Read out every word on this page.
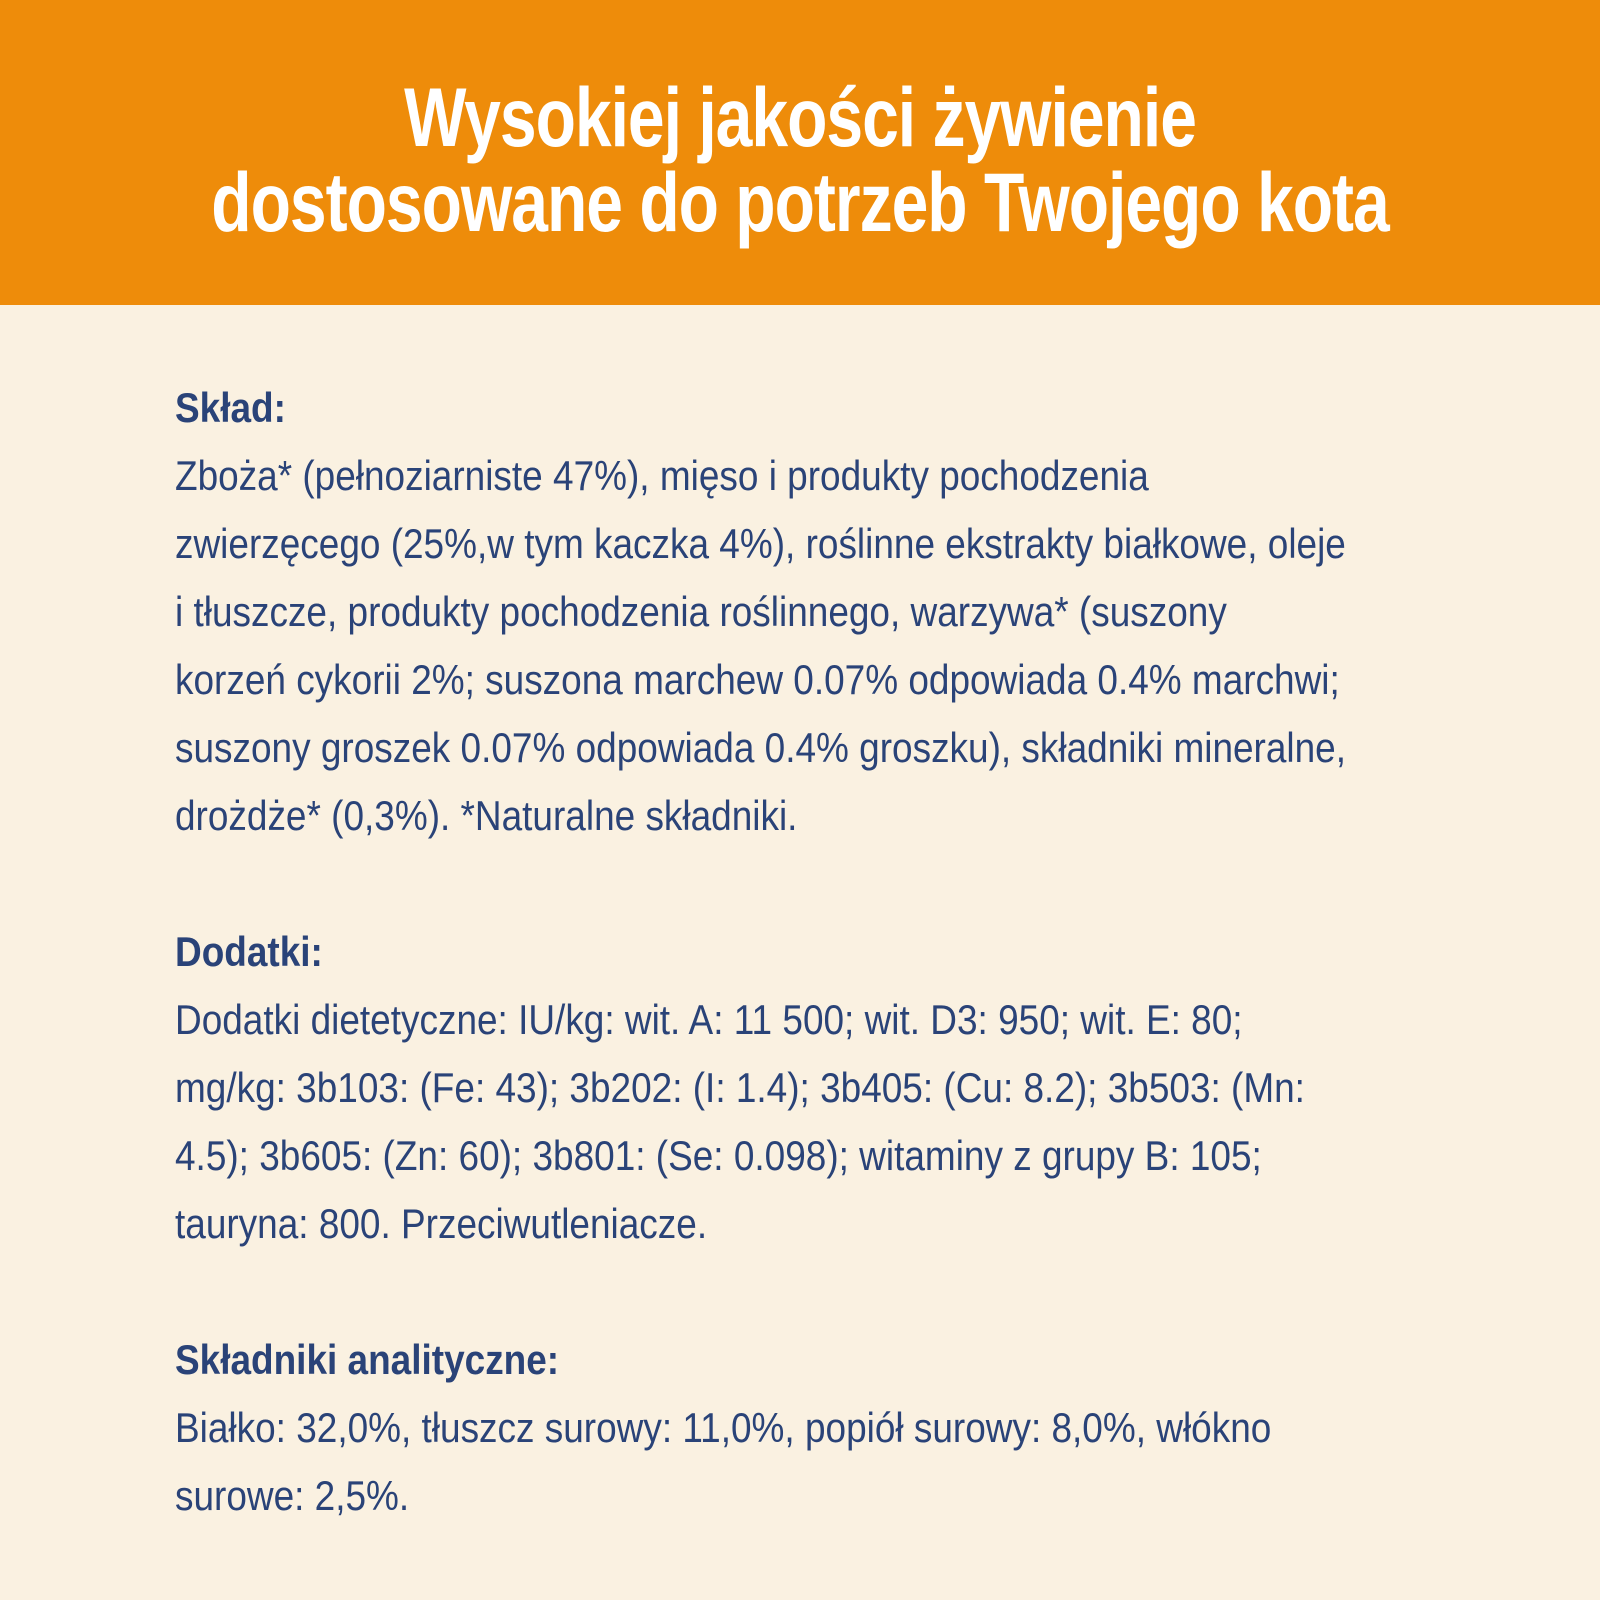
Wysokiej jakości żywienie
dostosowane do potrzeb Twojego kota
Skład:

Zboża* (pełnoziarniste 47%), mięso i produkty pochodzenia

zwierzęcego (25%,w tym kaczka 4%), roślinne ekstrakty białkowe, oleje

i tłuszcze, produkty pochodzenia roślinnego, warzywa* (suszony

korzeń cykorii 2%; suszona marchew 0.07% odpowiada 0.4% marchwi;

suszony groszek 0.07% odpowiada 0.4% groszku), składniki mineralne,

drożdże* (0,3%). *Naturalne składniki.

Dodatki:

Dodatki dietetyczne: IU/kg: wit. A: 11 500; wit. D3: 950; wit. E: 80;

mg/kg: 3b103: (Fe: 43); 3b202: (I: 1.4); 3b405: (Cu: 8.2); 3b503: (Mn:

4.5); 3b605: (Zn: 60); 3b801: (Se: 0.098); witaminy z grupy B: 105;

tauryna: 800. Przeciwutleniacze.

Składniki analityczne:

Białko: 32,0%, tłuszcz surowy: 11,0%, popiół surowy: 8,0%, włókno

surowe: 2,5%.
